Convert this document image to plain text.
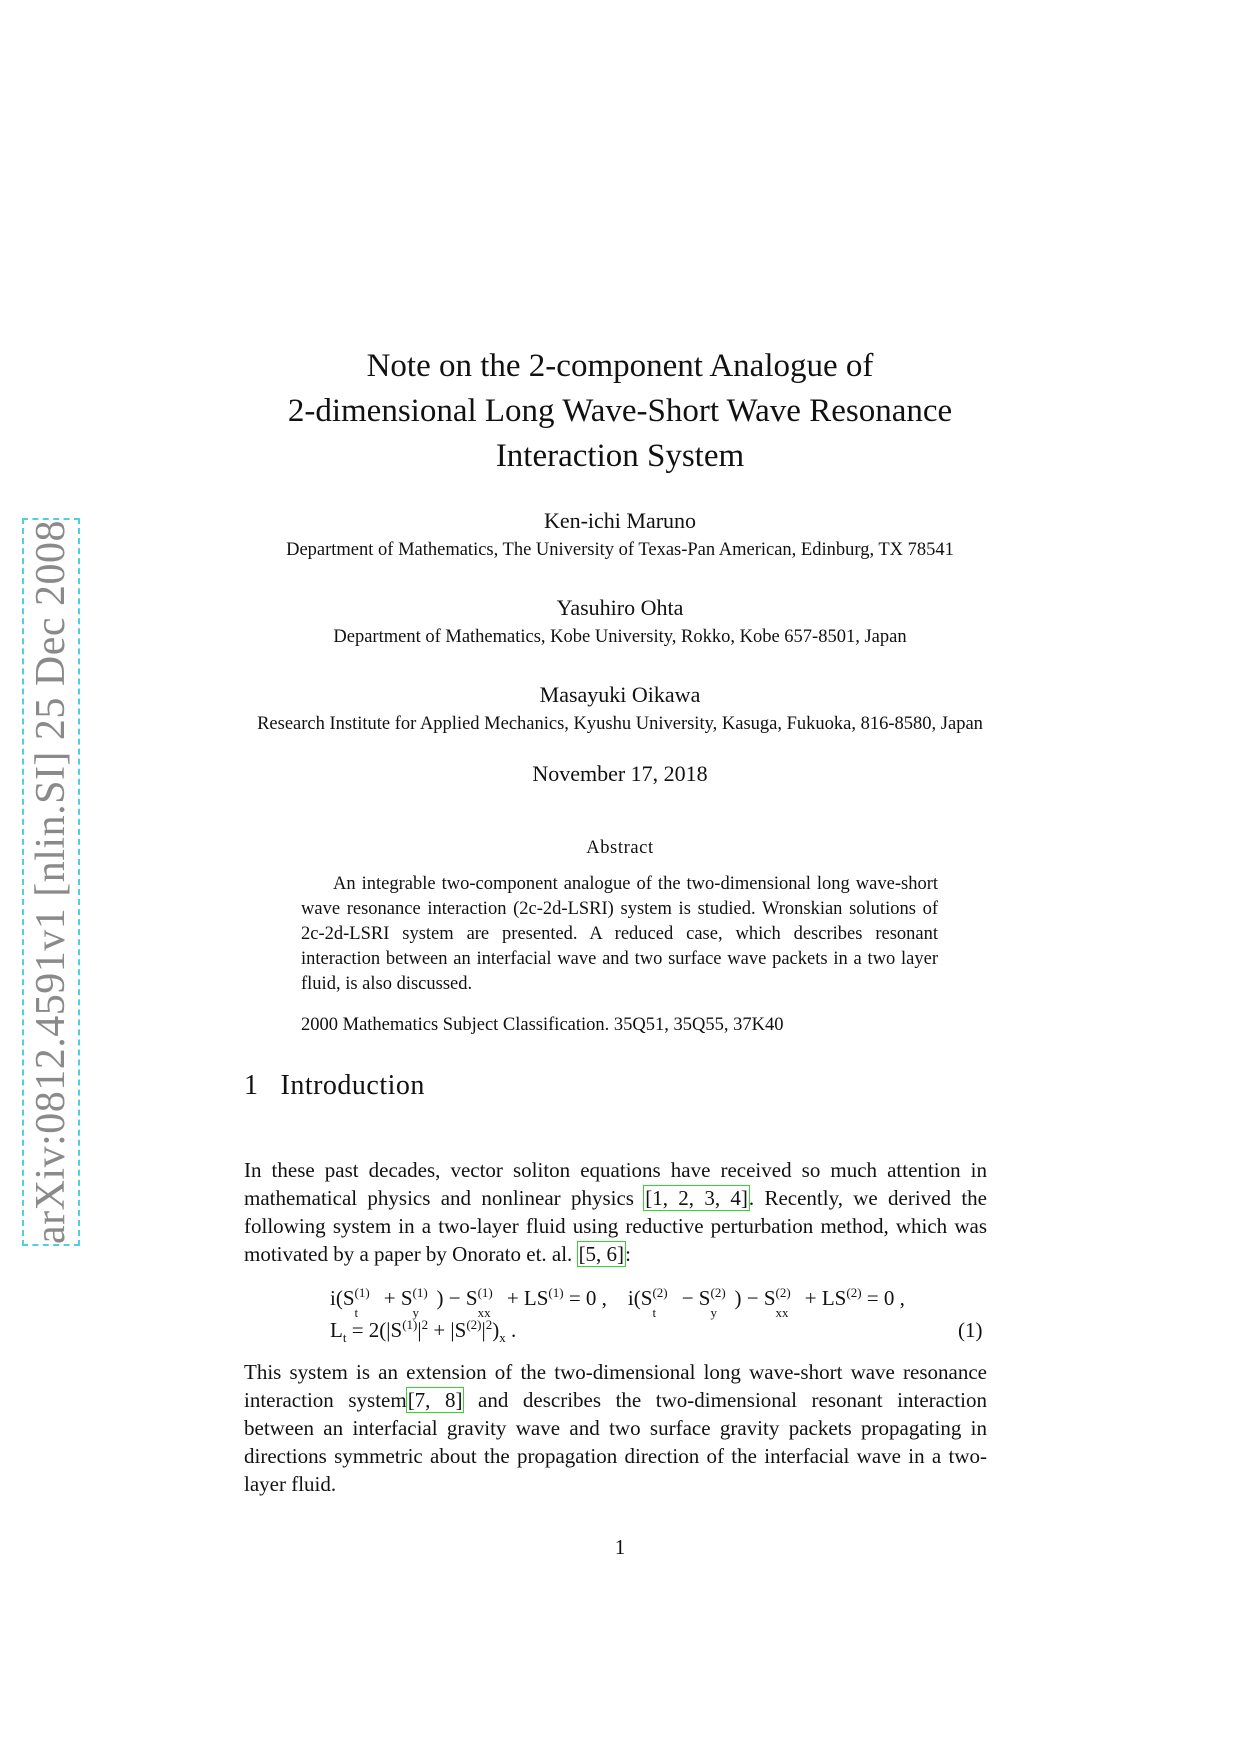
arXiv:0812.4591v1 [nlin.SI] 25 Dec 2008
Note on the 2-component Analogue of
2-dimensional Long Wave-Short Wave Resonance
Interaction System
Ken-ichi Maruno
Department of Mathematics, The University of Texas-Pan American, Edinburg, TX 78541
Yasuhiro Ohta
Department of Mathematics, Kobe University, Rokko, Kobe 657-8501, Japan
Masayuki Oikawa
Research Institute for Applied Mechanics, Kyushu University, Kasuga, Fukuoka, 816-8580, Japan
November 17, 2018
Abstract
An integrable two-component analogue of the two-dimensional long wave-short wave resonance interaction (2c-2d-LSRI) system is studied. Wronskian solutions of 2c-2d-LSRI system are presented. A reduced case, which describes resonant interaction between an interfacial wave and two surface wave packets in a two layer fluid, is also discussed.
2000 Mathematics Subject Classification. 35Q51, 35Q55, 37K40
1 Introduction
In these past decades, vector soliton equations have received so much attention in mathematical physics and nonlinear physics [1, 2, 3, 4]. Recently, we derived the following system in a two-layer fluid using reductive perturbation method, which was motivated by a paper by Onorato et. al. [5, 6]:
i(S (1)
t
+ S (1)
y
) − S (1)
xx
+ $LS^{(1)} = 0$ ,    i(S (2)
t
− S (2)
y
) − S (2)
xx
+ $LS^{(2)} = 0$ ,
$L_t = 2(|S^{(1)}|^2 + |S^{(2)}|^2)_x$ .	(1)
This system is an extension of the two-dimensional long wave-short wave resonance interaction system[7, 8] and describes the two-dimensional resonant interaction between an interfacial gravity wave and two surface gravity packets propagating in directions symmetric about the propagation direction of the interfacial wave in a two-layer fluid.
1
